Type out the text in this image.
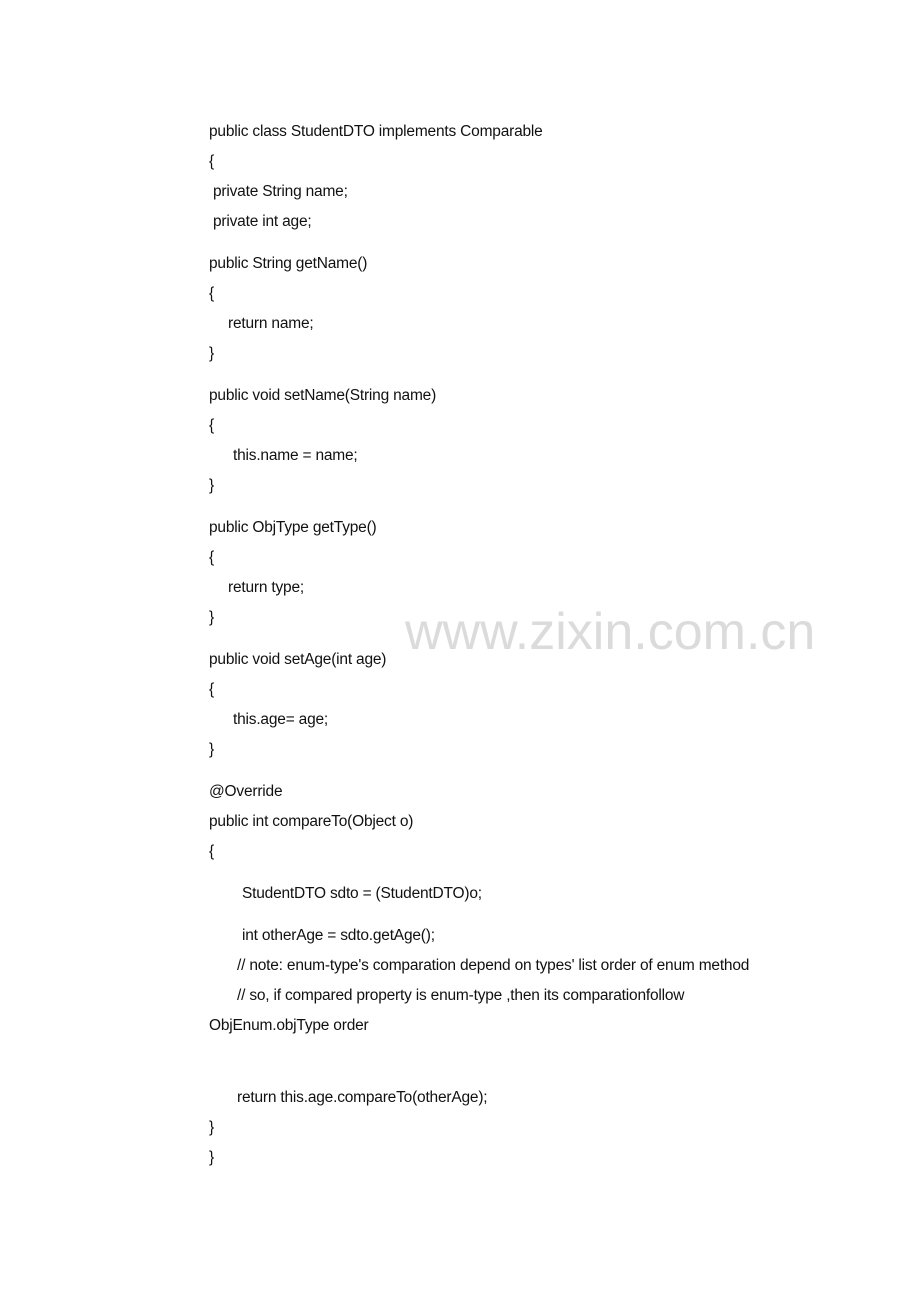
public class StudentDTO implements Comparable
{
private String name;
private int age;
public String getName()
{
return name;
}
public void setName(String name)
{
this.name = name;
}
public ObjType getType()
{
return type;
}
public void setAge(int age)
{
this.age= age;
}
@Override
public int compareTo(Object o)
{
StudentDTO sdto = (StudentDTO)o;
int otherAge = sdto.getAge();
// note: enum-type's comparation depend on types' list order of enum method
// so, if compared property is enum-type ,then its comparationfollow
ObjEnum.objType order
return this.age.compareTo(otherAge);
}
}
www.zixin.com.cn
